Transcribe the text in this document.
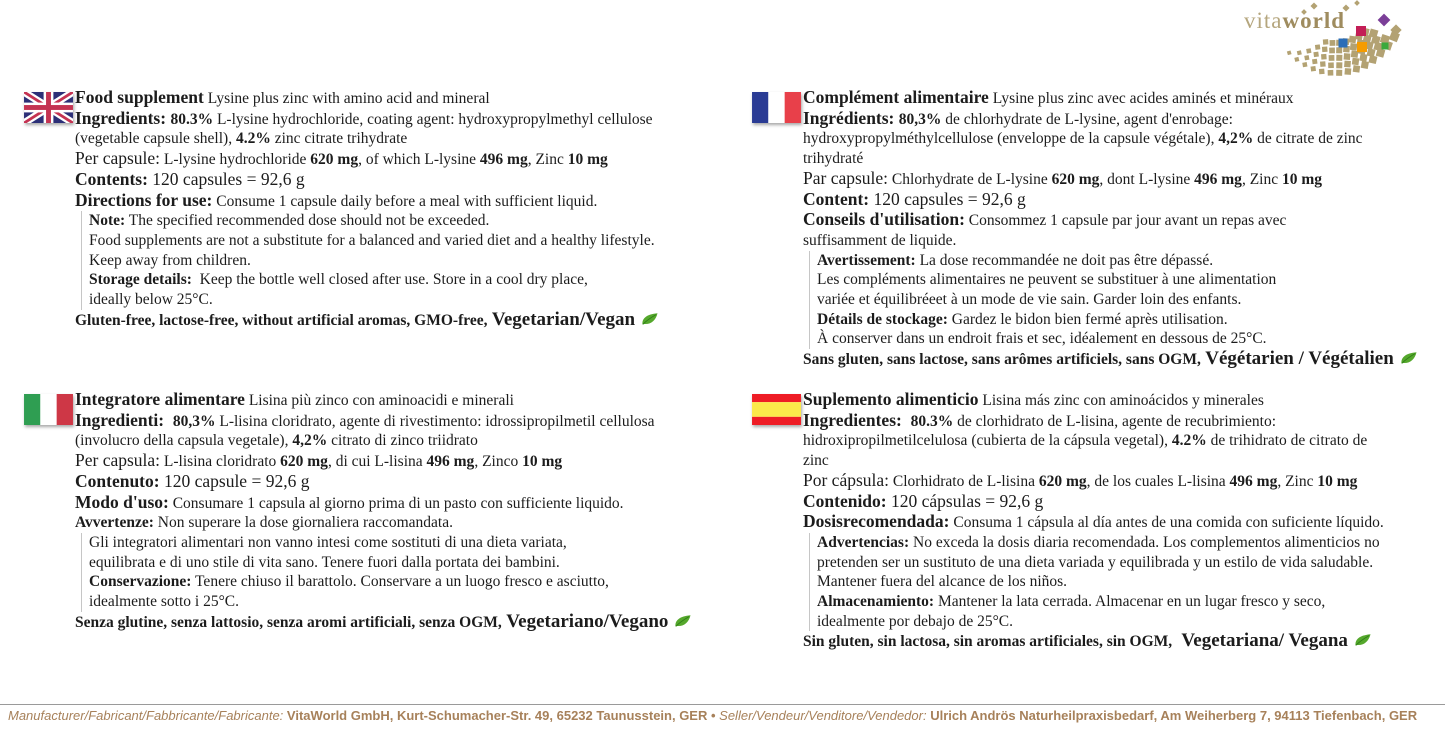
vitaworld
Food supplement Lysine plus zinc with amino acid and mineral
Ingredients: 80.3% L-lysine hydrochloride, coating agent: hydroxypropylmethyl cellulose
(vegetable capsule shell), 4.2% zinc citrate trihydrate
Per capsule: L-lysine hydrochloride 620 mg, of which L-lysine 496 mg, Zinc 10 mg
Contents: 120 capsules = 92,6 g
Directions for use: Consume 1 capsule daily before a meal with sufficient liquid.
Note: The specified recommended dose should not be exceeded.
Food supplements are not a substitute for a balanced and varied diet and a healthy lifestyle.
Keep away from children.
Storage details:  Keep the bottle well closed after use. Store in a cool dry place,
ideally below 25°C.
Gluten-free, lactose-free, without artificial aromas, GMO-free, Vegetarian/Vegan
Complément alimentaire Lysine plus zinc avec acides aminés et minéraux
Ingrédients: 80,3% de chlorhydrate de L-lysine, agent d'enrobage:
hydroxypropylméthylcellulose (enveloppe de la capsule végétale), 4,2% de citrate de zinc
trihydraté
Par capsule: Chlorhydrate de L-lysine 620 mg, dont L-lysine 496 mg, Zinc 10 mg
Content: 120 capsules = 92,6 g
Conseils d'utilisation: Consommez 1 capsule par jour avant un repas avec
suffisamment de liquide.
Avertissement: La dose recommandée ne doit pas être dépassé.
Les compléments alimentaires ne peuvent se substituer à une alimentation
variée et équilibréeet à un mode de vie sain. Garder loin des enfants.
Détails de stockage: Gardez le bidon bien fermé après utilisation.
À conserver dans un endroit frais et sec, idéalement en dessous de 25°C.
Sans gluten, sans lactose, sans arômes artificiels, sans OGM, Végétarien / Végétalien
Integratore alimentare Lisina più zinco con aminoacidi e minerali
Ingredienti:  80,3% L-lisina cloridrato, agente di rivestimento: idrossipropilmetil cellulosa
(involucro della capsula vegetale), 4,2% citrato di zinco triidrato
Per capsula: L-lisina cloridrato 620 mg, di cui L-lisina 496 mg, Zinco 10 mg
Contenuto: 120 capsule = 92,6 g
Modo d'uso: Consumare 1 capsula al giorno prima di un pasto con sufficiente liquido.
Avvertenze: Non superare la dose giornaliera raccomandata.
Gli integratori alimentari non vanno intesi come sostituti di una dieta variata,
equilibrata e di uno stile di vita sano. Tenere fuori dalla portata dei bambini.
Conservazione: Tenere chiuso il barattolo. Conservare a un luogo fresco e asciutto,
idealmente sotto i 25°C.
Senza glutine, senza lattosio, senza aromi artificiali, senza OGM, Vegetariano/Vegano
Suplemento alimenticio Lisina más zinc con aminоácidos y minerales
Ingredientes:  80.3% de clorhidrato de L-lisina, agente de recubrimiento:
hidroxipropilmetilcelulosa (cubierta de la cápsula vegetal), 4.2% de trihidrato de citrato de
zinc
Por cápsula: Clorhidrato de L-lisina 620 mg, de los cuales L-lisina 496 mg, Zinc 10 mg
Contenido: 120 cápsulas = 92,6 g
Dosisrecomendada: Consuma 1 cápsula al día antes de una comida con suficiente líquido.
Advertencias: No exceda la dosis diaria recomendada. Los complementos alimenticios no
pretenden ser un sustituto de una dieta variada y equilibrada y un estilo de vida saludable.
Mantener fuera del alcance de los niños.
Almacenamiento: Mantener la lata cerrada. Almacenar en un lugar fresco y seco,
idealmente por debajo de 25°C.
Sin gluten, sin lactosa, sin aromas artificiales, sin OGM,  Vegetariana/ Vegana
Manufacturer/Fabricant/Fabbricante/Fabricante: VitaWorld GmbH, Kurt-Schumacher-Str. 49, 65232 Taunusstein, GER • Seller/Vendeur/Venditore/Vendedor: Ulrich Andrös Naturheilpraxisbedarf, Am Weiherberg 7, 94113 Tiefenbach, GER
